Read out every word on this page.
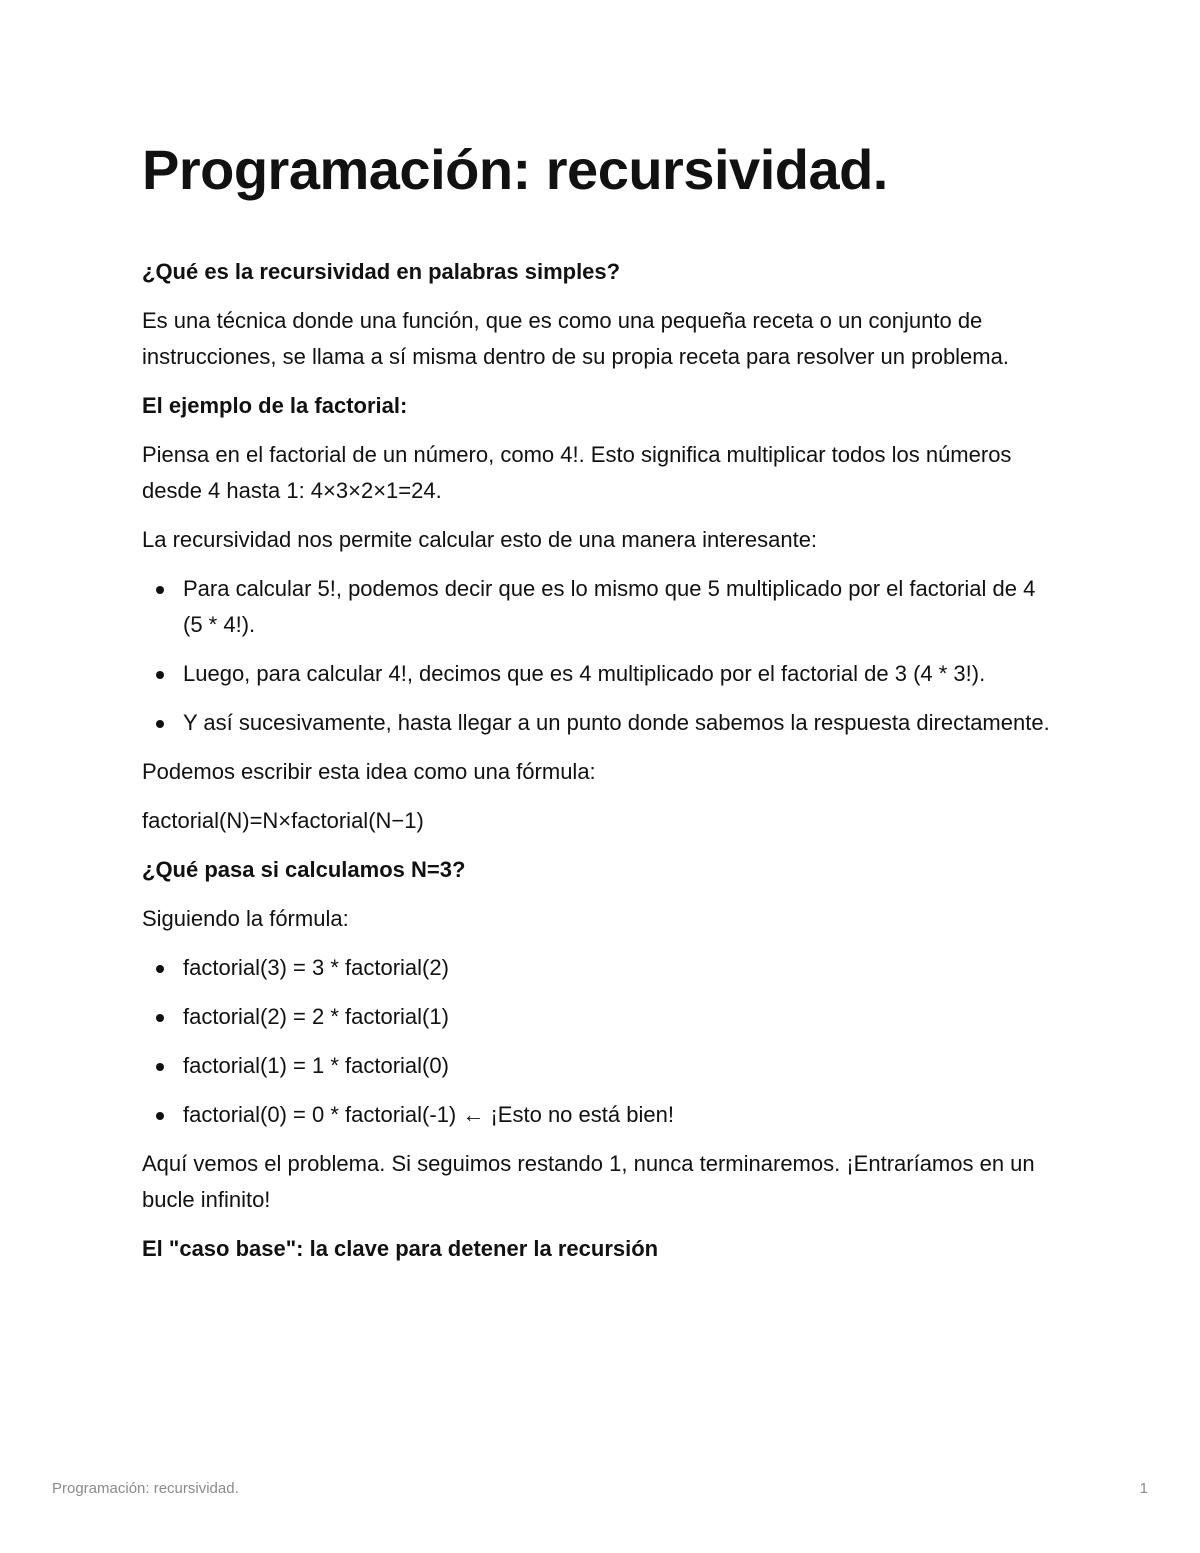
Programación: recursividad.

¿Qué es la recursividad en palabras simples?

Es una técnica donde una función, que es como una pequeña receta o un conjunto de instrucciones, se llama a sí misma dentro de su propia receta para resolver un problema.

El ejemplo de la factorial:

Piensa en el factorial de un número, como 4!. Esto significa multiplicar todos los números desde 4 hasta 1: 4×3×2×1=24.

La recursividad nos permite calcular esto de una manera interesante:

Para calcular 5!, podemos decir que es lo mismo que 5 multiplicado por el factorial de 4 (5 * 4!).
Luego, para calcular 4!, decimos que es 4 multiplicado por el factorial de 3 (4 * 3!).
Y así sucesivamente, hasta llegar a un punto donde sabemos la respuesta directamente.

Podemos escribir esta idea como una fórmula:

factorial(N)=N×factorial(N−1)

¿Qué pasa si calculamos N=3?

Siguiendo la fórmula:

factorial(3) = 3 * factorial(2)
factorial(2) = 2 * factorial(1)
factorial(1) = 1 * factorial(0)
factorial(0) = 0 * factorial(-1) ← ¡Esto no está bien!

Aquí vemos el problema. Si seguimos restando 1, nunca terminaremos. ¡Entraríamos en un bucle infinito!

El "caso base": la clave para detener la recursión

Programación: recursividad.	1
